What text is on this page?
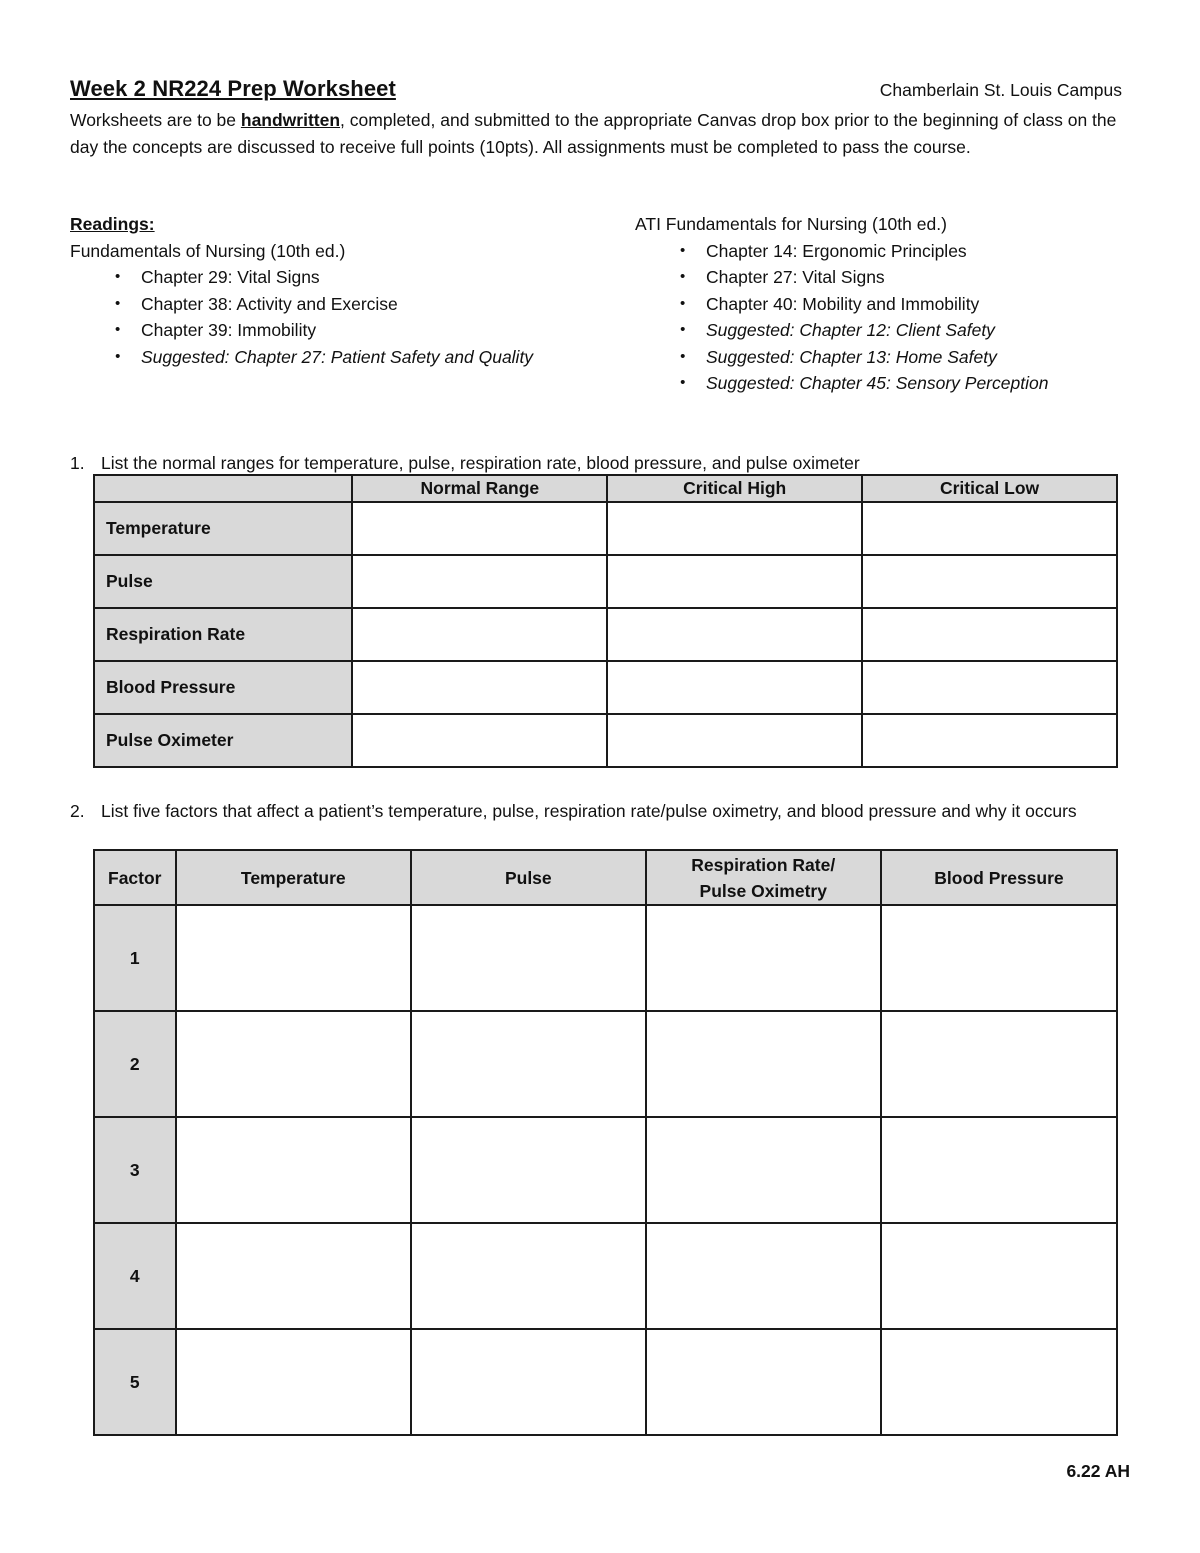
Week 2 NR224 Prep Worksheet	Chamberlain St. Louis Campus
Worksheets are to be handwritten, completed, and submitted to the appropriate Canvas drop box prior to the beginning of class on the day the concepts are discussed to receive full points (10pts). All assignments must be completed to pass the course.
Readings:
Fundamentals of Nursing (10th ed.)
• Chapter 29: Vital Signs
• Chapter 38: Activity and Exercise
• Chapter 39: Immobility
• Suggested: Chapter 27: Patient Safety and Quality
ATI Fundamentals for Nursing (10th ed.)
• Chapter 14: Ergonomic Principles
• Chapter 27: Vital Signs
• Chapter 40: Mobility and Immobility
• Suggested: Chapter 12: Client Safety
• Suggested: Chapter 13: Home Safety
• Suggested: Chapter 45: Sensory Perception
1. List the normal ranges for temperature, pulse, respiration rate, blood pressure, and pulse oximeter
	Normal Range	Critical High	Critical Low
Temperature			
Pulse			
Respiration Rate			
Blood Pressure			
Pulse Oximeter			
2. List five factors that affect a patient’s temperature, pulse, respiration rate/pulse oximetry, and blood pressure and why it occurs
Factor	Temperature	Pulse	Respiration Rate/
Pulse Oximetry	Blood Pressure
1				
2				
3				
4				
5				
6.22 AH
